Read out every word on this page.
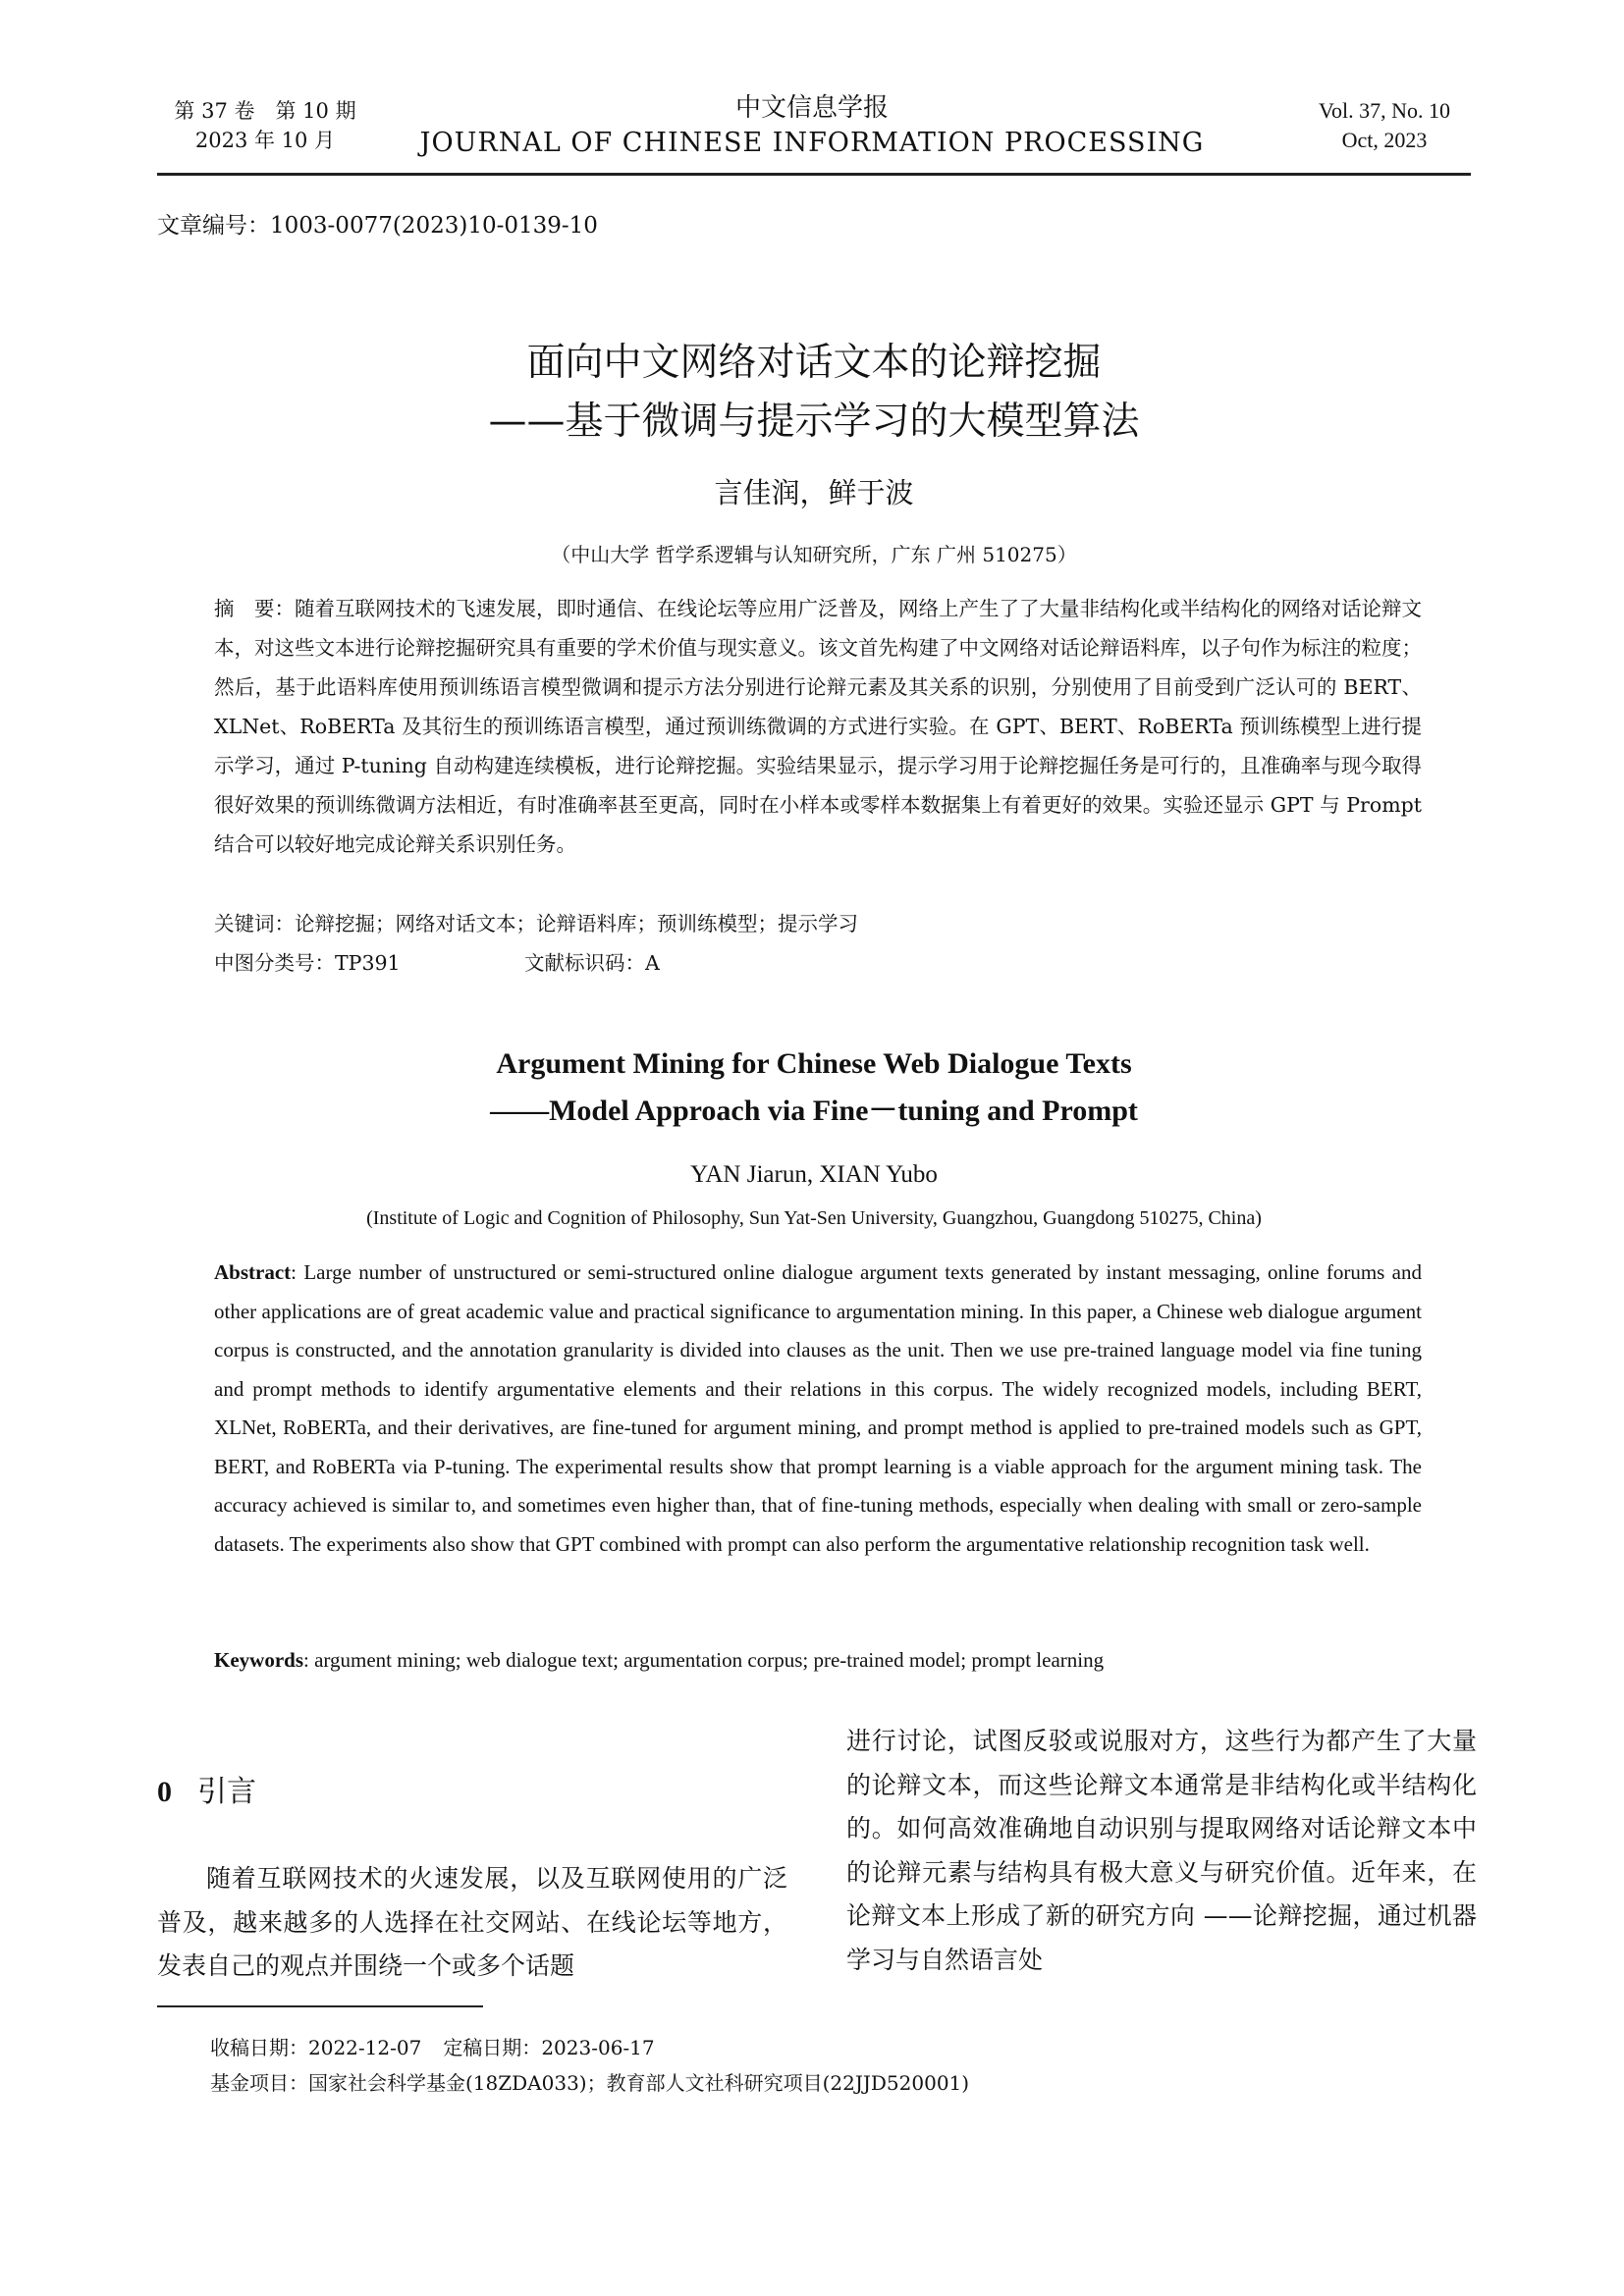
第 37 卷　第 10 期
2023 年 10 月
中文信息学报
JOURNAL OF CHINESE INFORMATION PROCESSING
Vol. 37, No. 10
Oct, 2023
文章编号：1003-0077(2023)10-0139-10
面向中文网络对话文本的论辩挖掘
——基于微调与提示学习的大模型算法
言佳润，鲜于波
（中山大学 哲学系逻辑与认知研究所，广东 广州 510275）
摘　要：随着互联网技术的飞速发展，即时通信、在线论坛等应用广泛普及，网络上产生了了大量非结构化或半结构化的网络对话论辩文本，对这些文本进行论辩挖掘研究具有重要的学术价值与现实意义。该文首先构建了中文网络对话论辩语料库，以子句作为标注的粒度；然后，基于此语料库使用预训练语言模型微调和提示方法分别进行论辩元素及其关系的识别，分别使用了目前受到广泛认可的 BERT、XLNet、RoBERTa 及其衍生的预训练语言模型，通过预训练微调的方式进行实验。在 GPT、BERT、RoBERTa 预训练模型上进行提示学习，通过 P-tuning 自动构建连续模板，进行论辩挖掘。实验结果显示，提示学习用于论辩挖掘任务是可行的，且准确率与现今取得很好效果的预训练微调方法相近，有时准确率甚至更高，同时在小样本或零样本数据集上有着更好的效果。实验还显示 GPT 与 Prompt 结合可以较好地完成论辩关系识别任务。
关键词：论辩挖掘；网络对话文本；论辩语料库；预训练模型；提示学习
中图分类号：TP391	文献标识码：A
Argument Mining for Chinese Web Dialogue Texts
——Model Approach via Fine－tuning and Prompt
YAN Jiarun, XIAN Yubo
(Institute of Logic and Cognition of Philosophy, Sun Yat-Sen University, Guangzhou, Guangdong 510275, China)
Abstract: Large number of unstructured or semi-structured online dialogue argument texts generated by instant messaging, online forums and other applications are of great academic value and practical significance to argumentation mining. In this paper, a Chinese web dialogue argument corpus is constructed, and the annotation granularity is divided into clauses as the unit. Then we use pre-trained language model via fine tuning and prompt methods to identify argumentative elements and their relations in this corpus. The widely recognized models, including BERT, XLNet, RoBERTa, and their derivatives, are fine-tuned for argument mining, and prompt method is applied to pre-trained models such as GPT, BERT, and RoBERTa via P-tuning. The experimental results show that prompt learning is a viable approach for the argument mining task. The accuracy achieved is similar to, and sometimes even higher than, that of fine-tuning methods, especially when dealing with small or zero-sample datasets. The experiments also show that GPT combined with prompt can also perform the argumentative relationship recognition task well.
Keywords: argument mining; web dialogue text; argumentation corpus; pre-trained model; prompt learning
0 引言
随着互联网技术的火速发展，以及互联网使用的广泛普及，越来越多的人选择在社交网站、在线论坛等地方，发表自己的观点并围绕一个或多个话题
进行讨论，试图反驳或说服对方，这些行为都产生了大量的论辩文本，而这些论辩文本通常是非结构化或半结构化的。如何高效准确地自动识别与提取网络对话论辩文本中的论辩元素与结构具有极大意义与研究价值。近年来，在论辩文本上形成了新的研究方向 ——论辩挖掘，通过机器学习与自然语言处
收稿日期：2022-12-07 定稿日期：2023-06-17
基金项目：国家社会科学基金(18ZDA033)；教育部人文社科研究项目(22JJD520001)
